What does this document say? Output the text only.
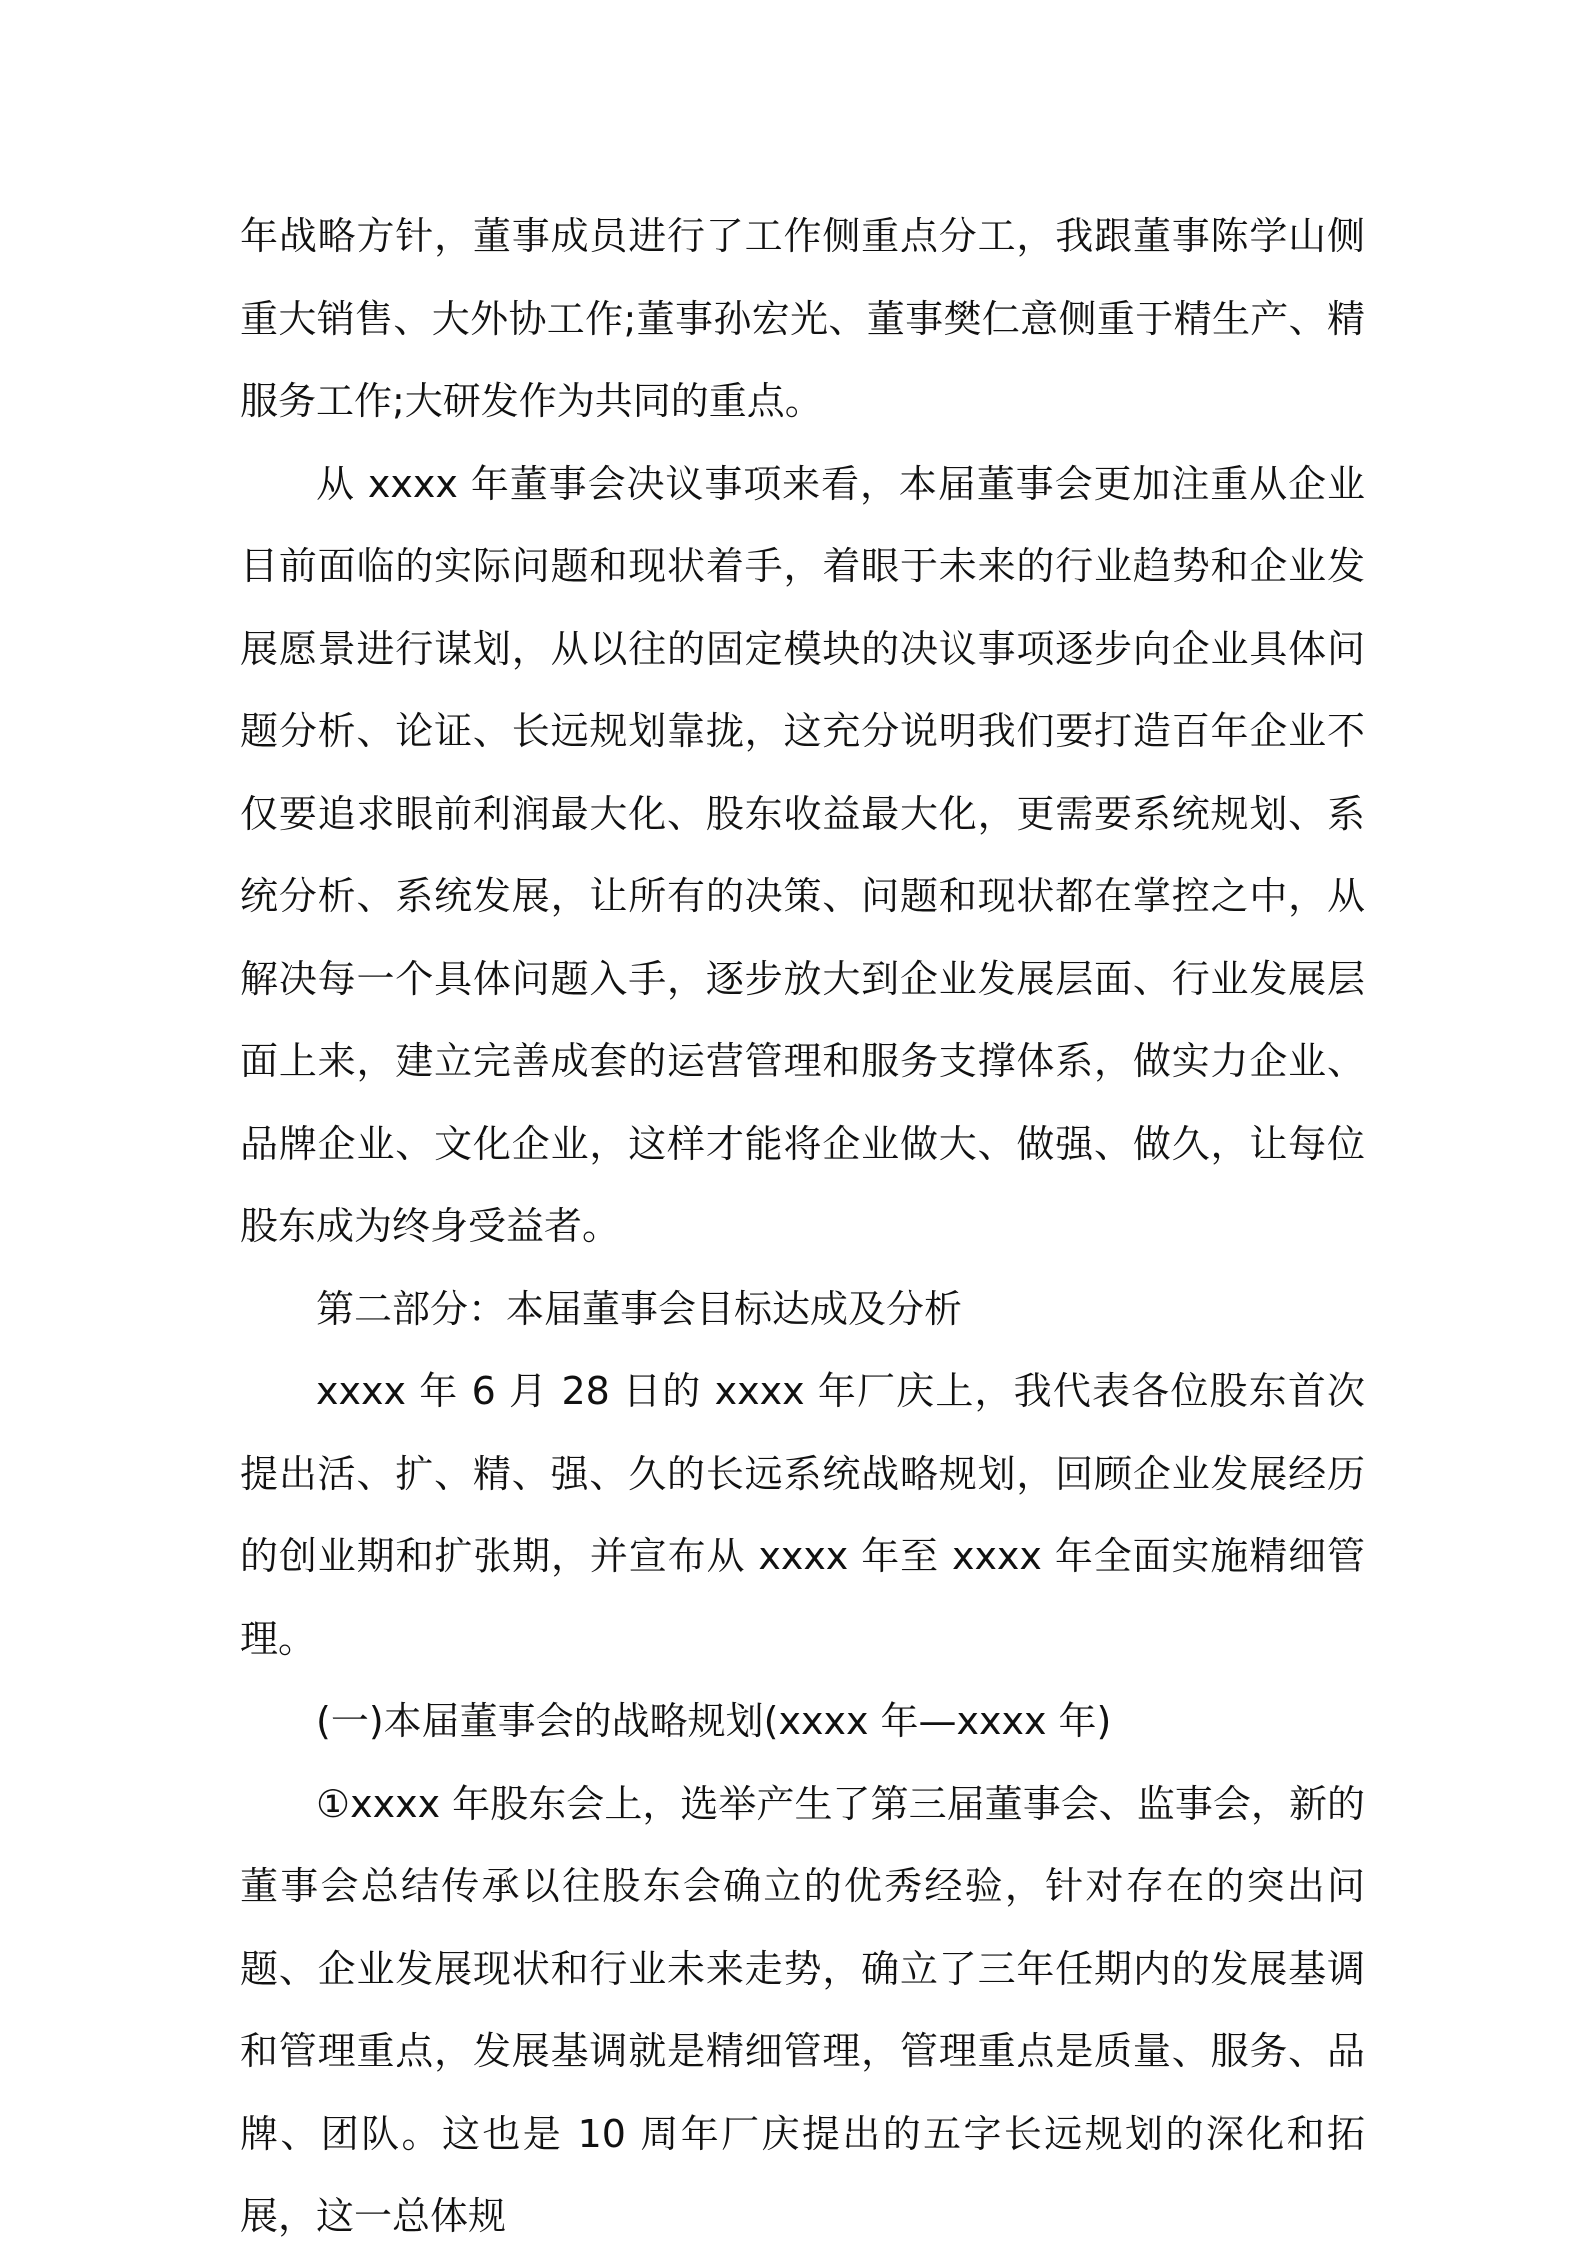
年战略方针，董事成员进行了工作侧重点分工，我跟董事陈学山侧重大销售、大外协工作;董事孙宏光、董事樊仁意侧重于精生产、精服务工作;大研发作为共同的重点。

从 xxxx 年董事会决议事项来看，本届董事会更加注重从企业目前面临的实际问题和现状着手，着眼于未来的行业趋势和企业发展愿景进行谋划，从以往的固定模块的决议事项逐步向企业具体问题分析、论证、长远规划靠拢，这充分说明我们要打造百年企业不仅要追求眼前利润最大化、股东收益最大化，更需要系统规划、系统分析、系统发展，让所有的决策、问题和现状都在掌控之中，从解决每一个具体问题入手，逐步放大到企业发展层面、行业发展层面上来，建立完善成套的运营管理和服务支撑体系，做实力企业、品牌企业、文化企业，这样才能将企业做大、做强、做久，让每位股东成为终身受益者。

第二部分：本届董事会目标达成及分析

xxxx 年 6 月 28 日的 xxxx 年厂庆上，我代表各位股东首次提出活、扩、精、强、久的长远系统战略规划，回顾企业发展经历的创业期和扩张期，并宣布从 xxxx 年至 xxxx 年全面实施精细管理。

(一)本届董事会的战略规划(xxxx 年—xxxx 年)

①xxxx 年股东会上，选举产生了第三届董事会、监事会，新的董事会总结传承以往股东会确立的优秀经验，针对存在的突出问题、企业发展现状和行业未来走势，确立了三年任期内的发展基调和管理重点，发展基调就是精细管理，管理重点是质量、服务、品牌、团队。这也是 10 周年厂庆提出的五字长远规划的深化和拓展，这一总体规
